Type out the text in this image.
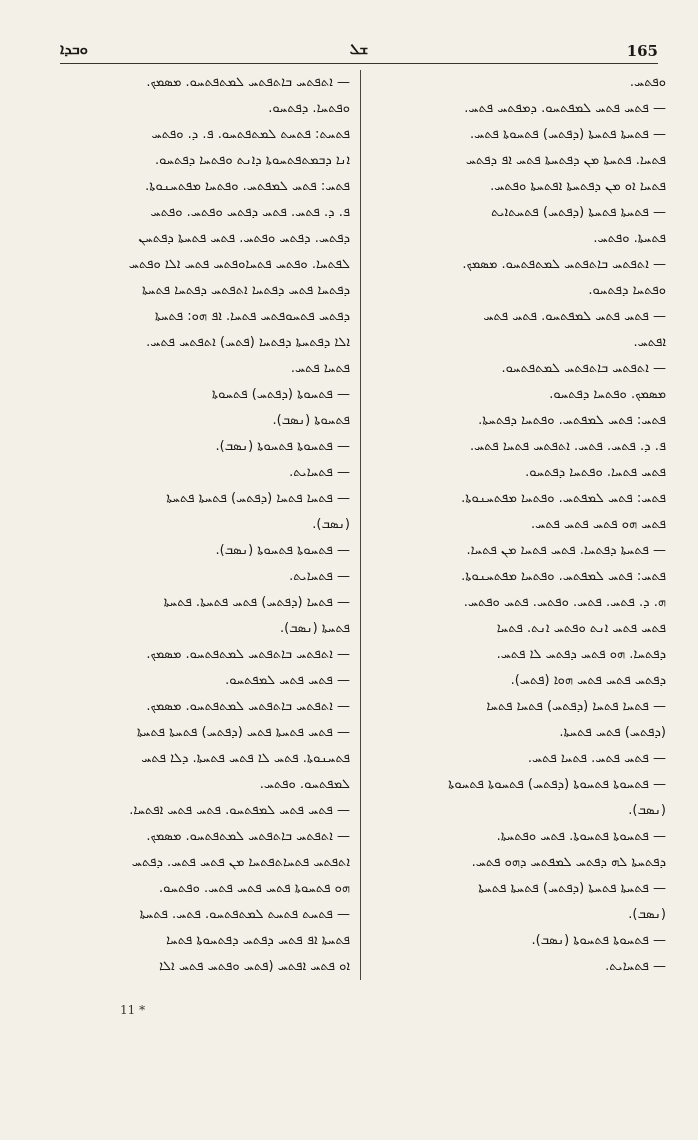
ܘܒܕܐ	ܫܠ	165
— ܐܬܦܬܚ ܒܐܬܦܬܚ ܠܡܬܦܬܚܘ. ܡܣܡܟ.
ܘܦܬܚܐ. ܕܦܬܚܘ.
ܦܬܚܬ: ܦܬܚܬ ܠܡܬܦܬܚܘ. ܦ. ܕ. ܘܦܬܚ
ܐܢܐ ܕܒܡܬܦܬܚܘܬܐ ܕܐܢܬ ܘܦܬܚܐ ܕܦܬܚܘ.
ܦܬܚ: ܦܬܚ ܠܡܦܬܚ. ܘܦܬܚܐ ܡܦܬܚܢܘܬܐ.
ܦ. ܕ. ܦܬܚ. ܦܬܚ ܕܦܬܚ ܘܦܬܚ. ܘܦܬܚ
ܕܦܬܚ. ܕܦܬܚ ܘܦܬܚ. ܦܬܚ ܦܬܚܬܐ ܕܦܬܚܢ
ܠܦܬܚܐ. ܘܦܬܚ ܦܬܚܐܘܦܬܚ ܦܬܚ ܐܠܐ ܘܦܬܚ
ܕܦܬܚܐ ܦܬܚ ܕܦܬܚܐ ܐܬܦܬܚ ܕܦܬܚܐ ܦܬܚܬܐ
ܕܦܬܚ ܦܬܚܘܦܬܚ ܦܬܚܐ. ܐܦ ܗܘ: ܦܬܚܬܐ
ܐܠܐ ܕܦܬܚܬܐ ܕܦܬܚܐ (ܦܬܚ) ܐܬܦܬܚ ܦܬܚ.
ܦܬܚܐ ܦܬܚ.
— ܦܬܚܘܬܐ (ܕܦܬܚ) ܦܬܚܘܬܐ
ܦܬܚܘܬܐ (ܢܣܒ).
— ܦܬܚܘܬܐ ܦܬܚܘܬܐ (ܢܣܒ).
— ܦܬܚܐܝܬ.
— ܦܬܚܐ ܦܬܚܐ (ܕܦܬܚ) ܦܬܚܬܐ ܦܬܚܬܐ
(ܢܣܒ).
— ܦܬܚܘܬܐ ܦܬܚܘܬܐ (ܢܣܒ).
— ܦܬܚܐܝܬ.
— ܦܬܚܐ (ܕܦܬܚ) ܦܬܚ ܦܬܚܬܐ. ܦܬܚܬܐ
ܦܬܚܬܐ (ܢܣܒ).
— ܐܬܦܬܚ ܒܐܬܦܬܚ ܠܡܬܦܬܚܘ. ܡܣܡܟ.
— ܦܬܚ ܦܬܚ ܠܡܦܬܚܘ.
— ܐܬܦܬܚ ܒܐܬܦܬܚ ܠܡܬܦܬܚܘ. ܡܣܡܟ.
— ܦܬܚ ܦܬܚܬܐ ܦܬܚ (ܕܦܬܚ) ܦܬܚܬܐ ܦܬܚܬܐ
ܦܬܚܢܘܬܐ. ܦܬܚ ܠܐ ܦܬܚ ܦܬܚܬܐ. ܕܠܐ ܦܬܚ
ܠܡܦܬܚܘ. ܘܦܬܚ.
— ܦܬܚ ܦܬܚ ܠܡܦܬܚܘ. ܦܬܚ ܦܬܚ ܐܦܬܚܐ.
— ܐܬܦܬܚ ܒܐܬܦܬܚ ܠܡܬܦܬܚܘ. ܡܣܡܟ.
ܐܬܦܬܚ ܦܬܚܐܬܦܬܚܐ ܡܢ ܦܬܚ ܦܬܚ. ܕܦܬܚ
ܗܘ ܦܬܚܘܬܐ ܦܬܚ ܦܬܚ ܦܬܚ. ܘܦܬܚܘ.
— ܦܬܚܬ ܦܬܚܬ ܠܡܬܦܬܚܘ. ܦܬܚ. ܦܬܚܬܐ
ܦܬܚܬܐ ܐܦ ܦܬܚ ܕܦܬܚ ܕܦܬܚܘܬܐ ܦܬܚܐ
ܐܘ ܦܬܚ ܐܦܬܚ (ܦܬܚ ܘܦܬܚ ܦܬܚ ܐܠܐ
ܘܦܬܚ.
— ܦܬܚ ܦܬܚ ܠܡܦܬܚܘ. ܕܡܦܬܚ ܦܬܚ.
— ܦܬܚܬܐ ܦܬܚܬܐ (ܕܦܬܚ) ܦܬܚܘܬܐ ܦܬܚ.
ܦܬܚܐ. ܦܬܚܬܐ ܡܢ ܕܦܬܚܬܐ ܦܬܚ ܐܦ ܕܦܬܚ
ܦܬܚܐ ܐܘ ܡܢ ܕܦܬܚܬܐ ܐܦܬܚܬܐ ܘܦܬܚ.
— ܦܬܚܬܐ ܦܬܚܬܐ (ܕܦܬܚ) ܦܬܚܬܐܝܬ
ܦܬܚܬܐ. ܘܦܬܚ.
— ܐܬܦܬܚ ܒܐܬܦܬܚ ܠܡܬܦܬܚܘ. ܡܣܡܟ.
ܘܦܬܚܐ ܕܦܬܚܘ.
— ܦܬܚ ܦܬܚ ܠܡܦܬܚܘ. ܦܬܚ ܦܬܚ
ܐܦܬܚ.
— ܐܬܦܬܚ ܒܐܬܦܬܚ ܠܡܬܦܬܚܘ.
ܡܣܡܟ. ܘܦܬܚܐ ܕܦܬܚܘ.
ܦܬܚ: ܦܬܚ ܠܡܦܬܚ. ܘܦܬܚܐ ܕܦܬܚܬܐ.
ܦ. ܕ. ܦܬܚ. ܦܬܚ. ܐܬܦܬܚ ܦܬܚܐ ܦܬܚ.
ܦܬܚ ܦܬܚܐ. ܘܦܬܚܐ ܕܦܬܚܘ.
ܦܬܚ: ܦܬܚ ܠܡܦܬܚ. ܘܦܬܚܐ ܡܦܬܚܢܘܬܐ.
ܦܬܚ ܗܘ ܦܬܚ ܦܬܚ ܦܬܚ.
— ܦܬܚܬܐ ܕܦܬܚܐ. ܦܬܚ ܦܬܚܐ ܡܢ ܦܬܚܐ.
ܦܬܚ: ܦܬܚ ܠܡܦܬܚ. ܘܦܬܚܐ ܡܦܬܚܢܘܬܐ.
ܗ. ܕ. ܦܬܚ. ܦܬܚ. ܘܦܬܚ. ܦܬܚ ܘܦܬܚ.
ܦܬܚ ܦܬܚ ܐܢܬ ܘܦܬܚ ܐܢܬ. ܦܬܚܐ
ܕܦܬܚܐ. ܗܘ ܦܬܚ ܕܦܬܚ ܠܐ ܦܬܚ.
ܕܦܬܚ ܦܬܚ ܦܬܚ ܗܘܐ (ܦܬܚ).
— ܦܬܚܐ ܦܬܚܐ (ܕܦܬܚ) ܦܬܚܐ ܦܬܚܐ
(ܕܦܬܚ) ܦܬܚ ܦܬܚܬܐ.
— ܦܬܚ ܦܬܚ. ܦܬܚܐ ܦܬܚ.
— ܦܬܚܘܬܐ ܦܬܚܘܬܐ (ܕܦܬܚ) ܦܬܚܘܬܐ ܦܬܚܘܬܐ
(ܢܣܒ).
— ܦܬܚܘܬܐ ܦܬܚܘܬܐ. ܦܬܚ ܘܦܬܚܬܐ.
ܕܦܬܚܬܐ ܠܗ ܕܦܬܚ ܠܡܦܬܚ ܕܗܘ ܦܬܚ.
— ܦܬܚܬܐ ܦܬܚܬܐ (ܕܦܬܚ) ܦܬܚܬܐ ܦܬܚܬܐ
(ܢܣܒ).
— ܦܬܚܘܬܐ ܦܬܚܘܬܐ (ܢܣܒ).
— ܦܬܚܐܝܬ.
11 *
